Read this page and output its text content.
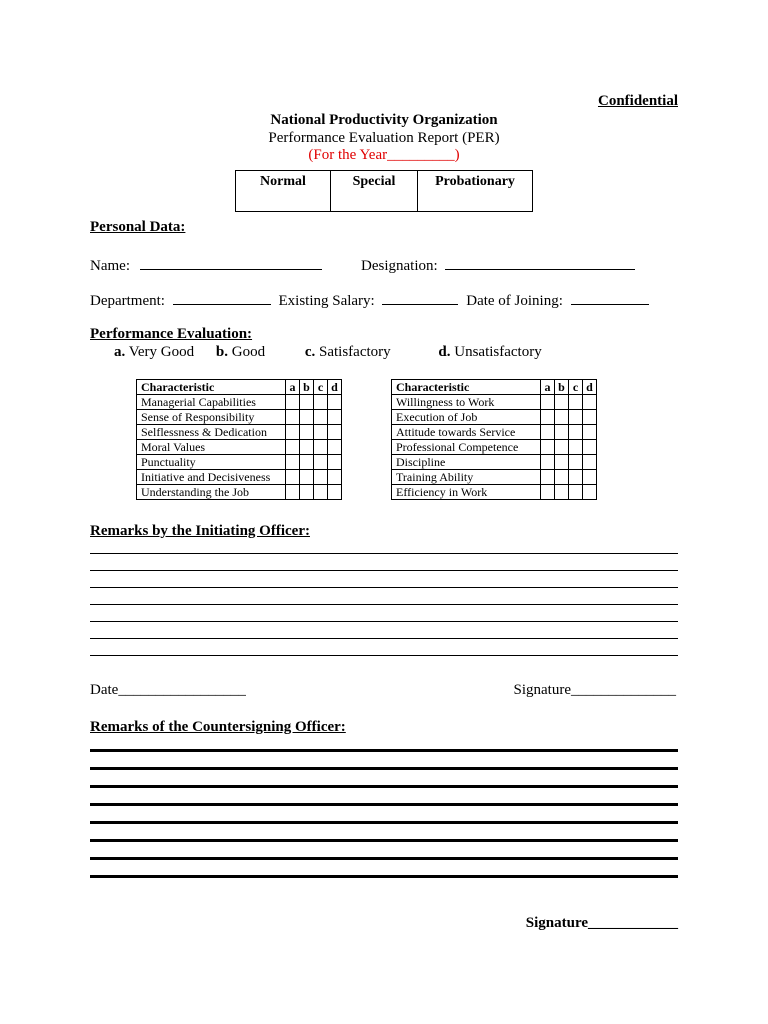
Confidential
National Productivity Organization
Performance Evaluation Report (PER)
(For the Year_________)
Normal	Special	Probationary
Personal Data:
Name:	Designation:
Department:	Existing Salary:	Date of Joining:
Performance Evaluation:
a. Very Good b. Good	c. Satisfactory	d. Unsatisfactory
Characteristic	a	b	c	d
Managerial Capabilities				
Sense of Responsibility				
Selflessness & Dedication				
Moral Values				
Punctuality				
Initiative and Decisiveness				
Understanding the Job				
Characteristic	a	b	c	d
Willingness to Work				
Execution of Job				
Attitude towards Service				
Professional Competence				
Discipline				
Training Ability				
Efficiency in Work				
Remarks by the Initiating Officer:
Date_________________	Signature______________
Remarks of the Countersigning Officer:
Signature____________
